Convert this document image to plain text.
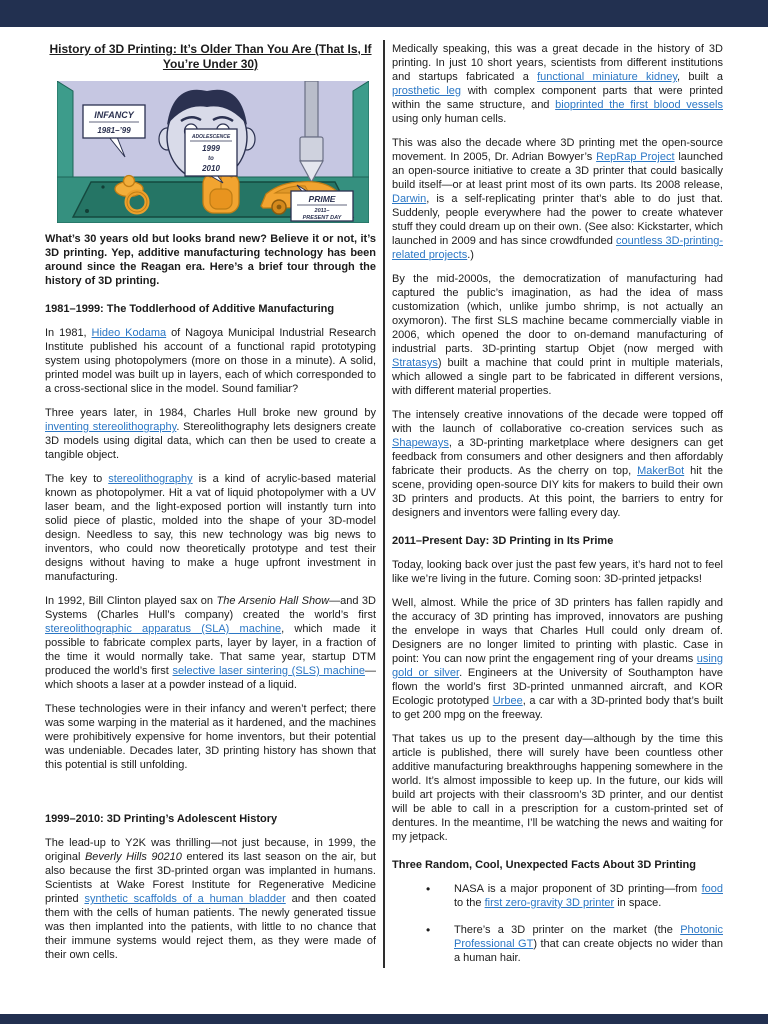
History of 3D Printing: It’s Older Than You Are (That Is, If You’re Under 30)
INFANCY
1981–’99
ADOLESCENCE
1999
to
2010
PRIME
2011–
PRESENT DAY

What’s 30 years old but looks brand new? Believe it or not, it’s 3D printing. Yep, additive manufacturing technology has been around since the Reagan era. Here’s a brief tour through the history of 3D printing.

1981–1999: The Toddlerhood of Additive Manufacturing

In 1981, Hideo Kodama of Nagoya Municipal Industrial Research Institute published his account of a functional rapid prototyping system using photopolymers (more on those in a minute). A solid, printed model was built up in layers, each of which corresponded to a cross-sectional slice in the model. Sound familiar?

Three years later, in 1984, Charles Hull broke new ground by inventing stereolithography. Stereolithography lets designers create 3D models using digital data, which can then be used to create a tangible object.

The key to stereolithography is a kind of acrylic-based material known as photopolymer. Hit a vat of liquid photopolymer with a UV laser beam, and the light-exposed portion will instantly turn into solid piece of plastic, molded into the shape of your 3D-model design. Needless to say, this new technology was big news to inventors, who could now theoretically prototype and test their designs without having to make a huge upfront investment in manufacturing.

In 1992, Bill Clinton played sax on The Arsenio Hall Show—and 3D Systems (Charles Hull’s company) created the world’s first stereolithographic apparatus (SLA) machine, which made it possible to fabricate complex parts, layer by layer, in a fraction of the time it would normally take. That same year, startup DTM produced the world’s first selective laser sintering (SLS) machine—which shoots a laser at a powder instead of a liquid.

These technologies were in their infancy and weren’t perfect; there was some warping in the material as it hardened, and the machines were prohibitively expensive for home inventors, but their potential was undeniable. Decades later, 3D printing history has shown that this potential is still unfolding.

1999–2010: 3D Printing’s Adolescent History

The lead-up to Y2K was thrilling—not just because, in 1999, the original Beverly Hills 90210 entered its last season on the air, but also because the first 3D-printed organ was implanted in humans. Scientists at Wake Forest Institute for Regenerative Medicine printed synthetic scaffolds of a human bladder and then coated them with the cells of human patients. The newly generated tissue was then implanted into the patients, with little to no chance that their immune systems would reject them, as they were made of their own cells.

Medically speaking, this was a great decade in the history of 3D printing. In just 10 short years, scientists from different institutions and startups fabricated a functional miniature kidney, built a prosthetic leg with complex component parts that were printed within the same structure, and bioprinted the first blood vessels using only human cells.

This was also the decade where 3D printing met the open-source movement. In 2005, Dr. Adrian Bowyer’s RepRap Project launched an open-source initiative to create a 3D printer that could basically build itself—or at least print most of its own parts. Its 2008 release, Darwin, is a self-replicating printer that’s able to do just that. Suddenly, people everywhere had the power to create whatever stuff they could dream up on their own. (See also: Kickstarter, which launched in 2009 and has since crowdfunded countless 3D-printing-related projects.)

By the mid-2000s, the democratization of manufacturing had captured the public’s imagination, as had the idea of mass customization (which, unlike jumbo shrimp, is not actually an oxymoron). The first SLS machine became commercially viable in 2006, which opened the door to on-demand manufacturing of industrial parts. 3D-printing startup Objet (now merged with Stratasys) built a machine that could print in multiple materials, which allowed a single part to be fabricated in different versions, with different material properties.

The intensely creative innovations of the decade were topped off with the launch of collaborative co-creation services such as Shapeways, a 3D-printing marketplace where designers can get feedback from consumers and other designers and then affordably fabricate their products. As the cherry on top, MakerBot hit the scene, providing open-source DIY kits for makers to build their own 3D printers and products. At this point, the barriers to entry for designers and inventors were falling every day.

2011–Present Day: 3D Printing in Its Prime

Today, looking back over just the past few years, it’s hard not to feel like we’re living in the future. Coming soon: 3D-printed jetpacks!

Well, almost. While the price of 3D printers has fallen rapidly and the accuracy of 3D printing has improved, innovators are pushing the envelope in ways that Charles Hull could only dream of. Designers are no longer limited to printing with plastic. Case in point: You can now print the engagement ring of your dreams using gold or silver. Engineers at the University of Southampton have flown the world’s first 3D-printed unmanned aircraft, and KOR Ecologic prototyped Urbee, a car with a 3D-printed body that’s built to get 200 mpg on the freeway.

That takes us up to the present day—although by the time this article is published, there will surely have been countless other additive manufacturing breakthroughs happening somewhere in the world. It’s almost impossible to keep up. In the future, our kids will build art projects with their classroom’s 3D printer, and our dentist will be able to call in a prescription for a custom-printed set of dentures. In the meantime, I’ll be watching the news and waiting for my jetpack.

Three Random, Cool, Unexpected Facts About 3D Printing

• NASA is a major proponent of 3D printing—from food to the first zero-gravity 3D printer in space.
• There’s a 3D printer on the market (the Photonic Professional GT) that can create objects no wider than a human hair.
